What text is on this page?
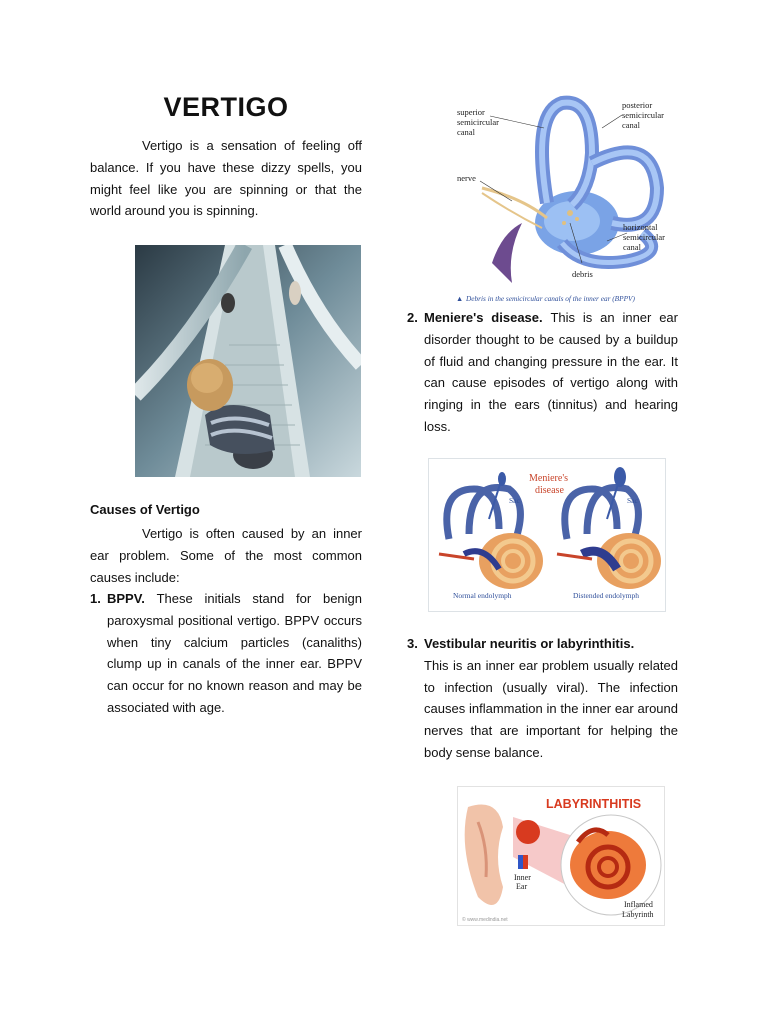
VERTIGO

Vertigo is a sensation of feeling off balance. If you have these dizzy spells, you might feel like you are spinning or that the world around you is spinning.

Causes of Vertigo

Vertigo is often caused by an inner ear problem. Some of the most common causes include:

1. BPPV. These initials stand for benign paroxysmal positional vertigo. BPPV occurs when tiny calcium particles (canaliths) clump up in canals of the inner ear. BPPV can occur for no known reason and may be associated with age.
superior
semicircular
canal
posterior
semicircular
canal
nerve
horizontal
semicircular
canal
debris
▲ Debris in the semicircular canals of the inner ear (BPPV)
2. Meniere's disease. This is an inner ear disorder thought to be caused by a buildup of fluid and changing pressure in the ear. It can cause episodes of vertigo along with ringing in the ears (tinnitus) and hearing loss.
Meniere's
disease
Sac	Sac
Normal endolymph	Distended endolymph
3. Vestibular neuritis or labyrinthitis.
This is an inner ear problem usually related to infection (usually viral). The infection causes inflammation in the inner ear around nerves that are important for helping the body sense balance.
LABYRINTHITIS
Inner
Ear
Inflamed
Labyrinth
© www.medindia.net
